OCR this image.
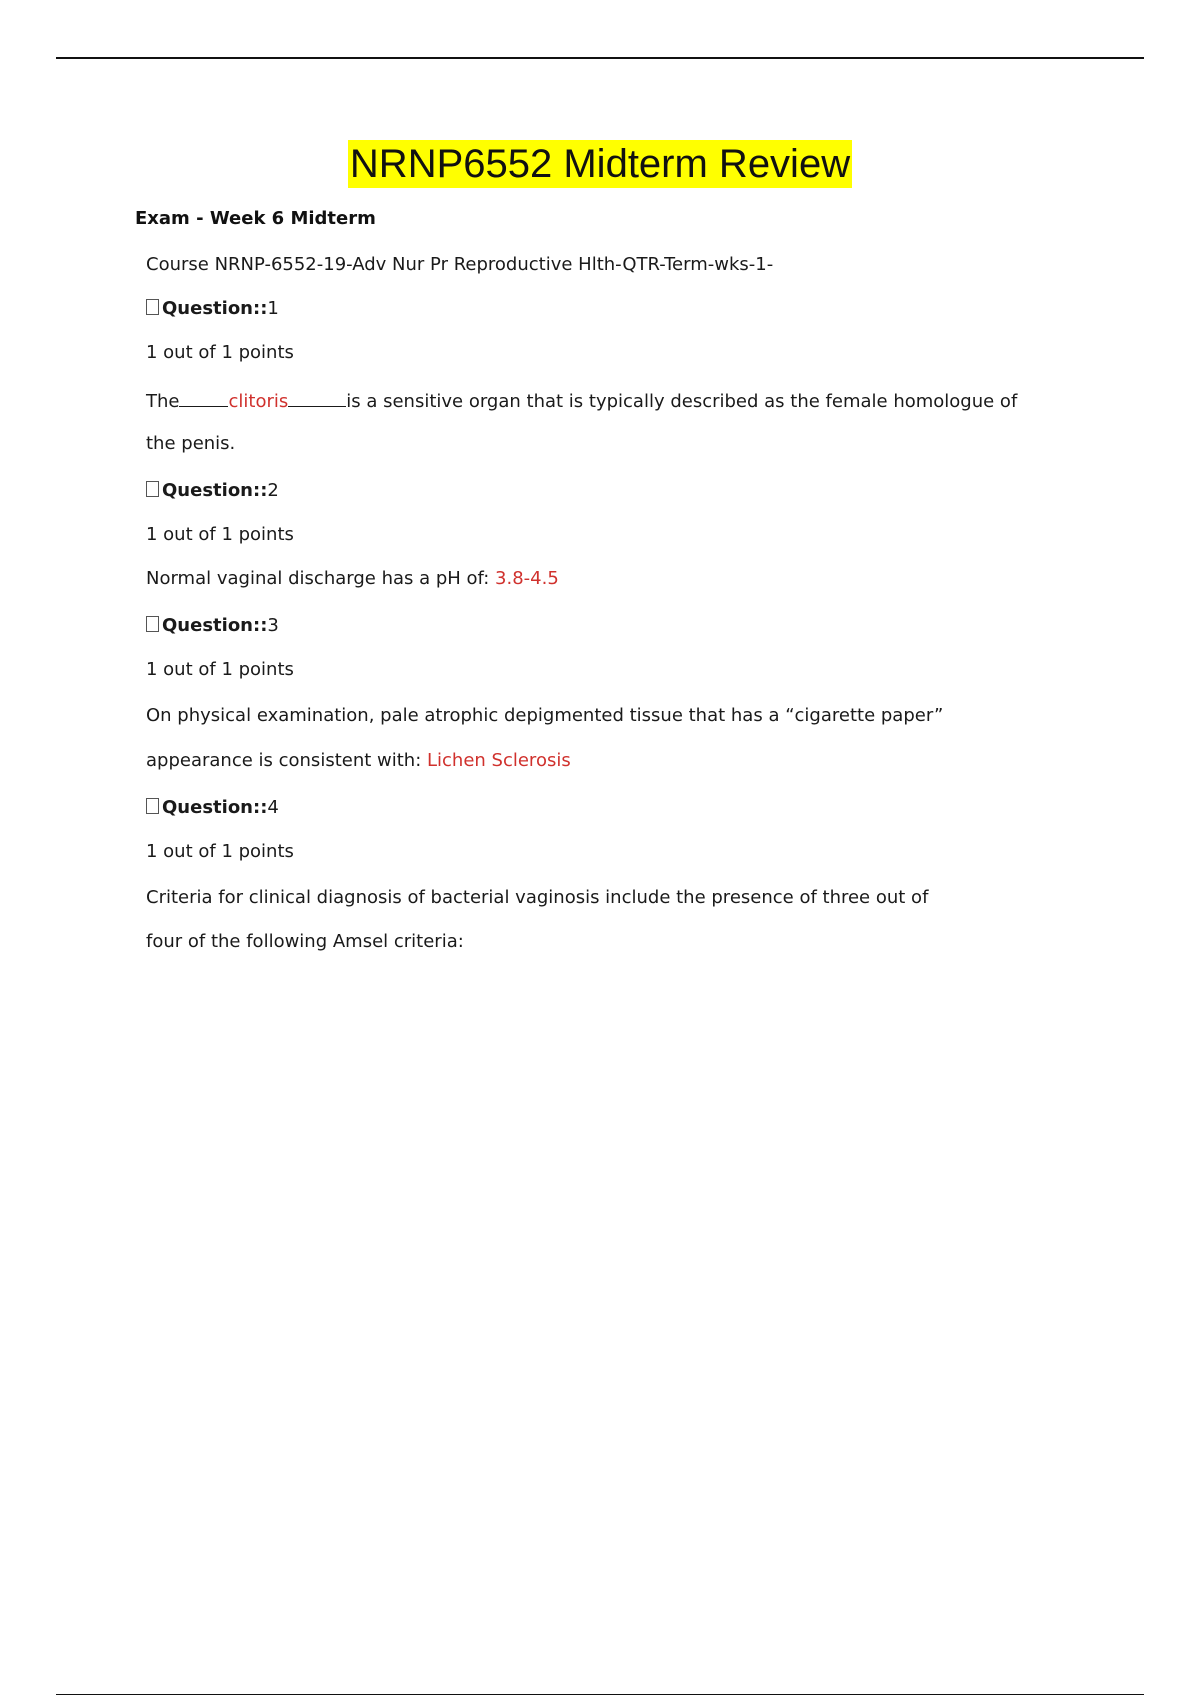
NRNP6552 Midterm Review
Exam - Week 6 Midterm
Course NRNP-6552-19-Adv Nur Pr Reproductive Hlth-QTR-Term-wks-1-
Question::1
1 out of 1 points
The	clitoris	is a sensitive organ that is typically described as the female homologue of
the penis.
Question::2
1 out of 1 points
Normal vaginal discharge has a pH of: 3.8-4.5
Question::3
1 out of 1 points
On physical examination, pale atrophic depigmented tissue that has a “cigarette paper”
appearance is consistent with: Lichen Sclerosis
Question::4
1 out of 1 points
Criteria for clinical diagnosis of bacterial vaginosis include the presence of three out of
four of the following Amsel criteria:
